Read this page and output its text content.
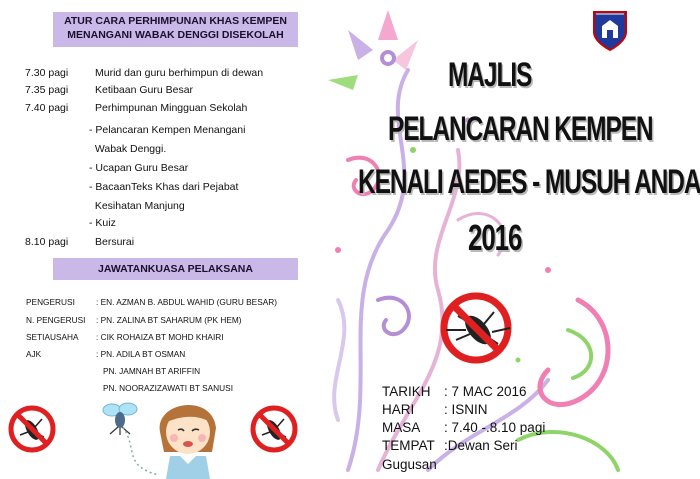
ATUR CARA PERHIMPUNAN KHAS KEMPEN
MENANGANI WABAK DENGGI DISEKOLAH
7.30 pagi	Murid dan guru berhimpun di dewan
7.35 pagi	Ketibaan Guru Besar
7.40 pagi	Perhimpunan Mingguan Sekolah
- Pelancaran Kempen Menangani
Wabak Denggi.
- Ucapan Guru Besar
- BacaanTeks Khas dari Pejabat
Kesihatan Manjung
- Kuiz
8.10 pagi	Bersurai
JAWATANKUASA PELAKSANA
PENGERUSI	: EN. AZMAN B. ABDUL WAHID (GURU BESAR)
N. PENGERUSI : PN. ZALINA BT SAHARUM (PK HEM)
SETIAUSAHA : CIK ROHAIZA BT MOHD KHAIRI
AJK	: PN. ADILA BT OSMAN
PN. JAMNAH BT ARIFFIN
PN. NOORAZIZAWATI BT SANUSI
MAJLIS
PELANCARAN KEMPEN
KENALI AEDES - MUSUH ANDA
2016
TARIKH : 7 MAC 2016
HARI : ISNIN
MASA : 7.40 -.8.10 pagi
TEMPAT :Dewan Seri
Gugusan
